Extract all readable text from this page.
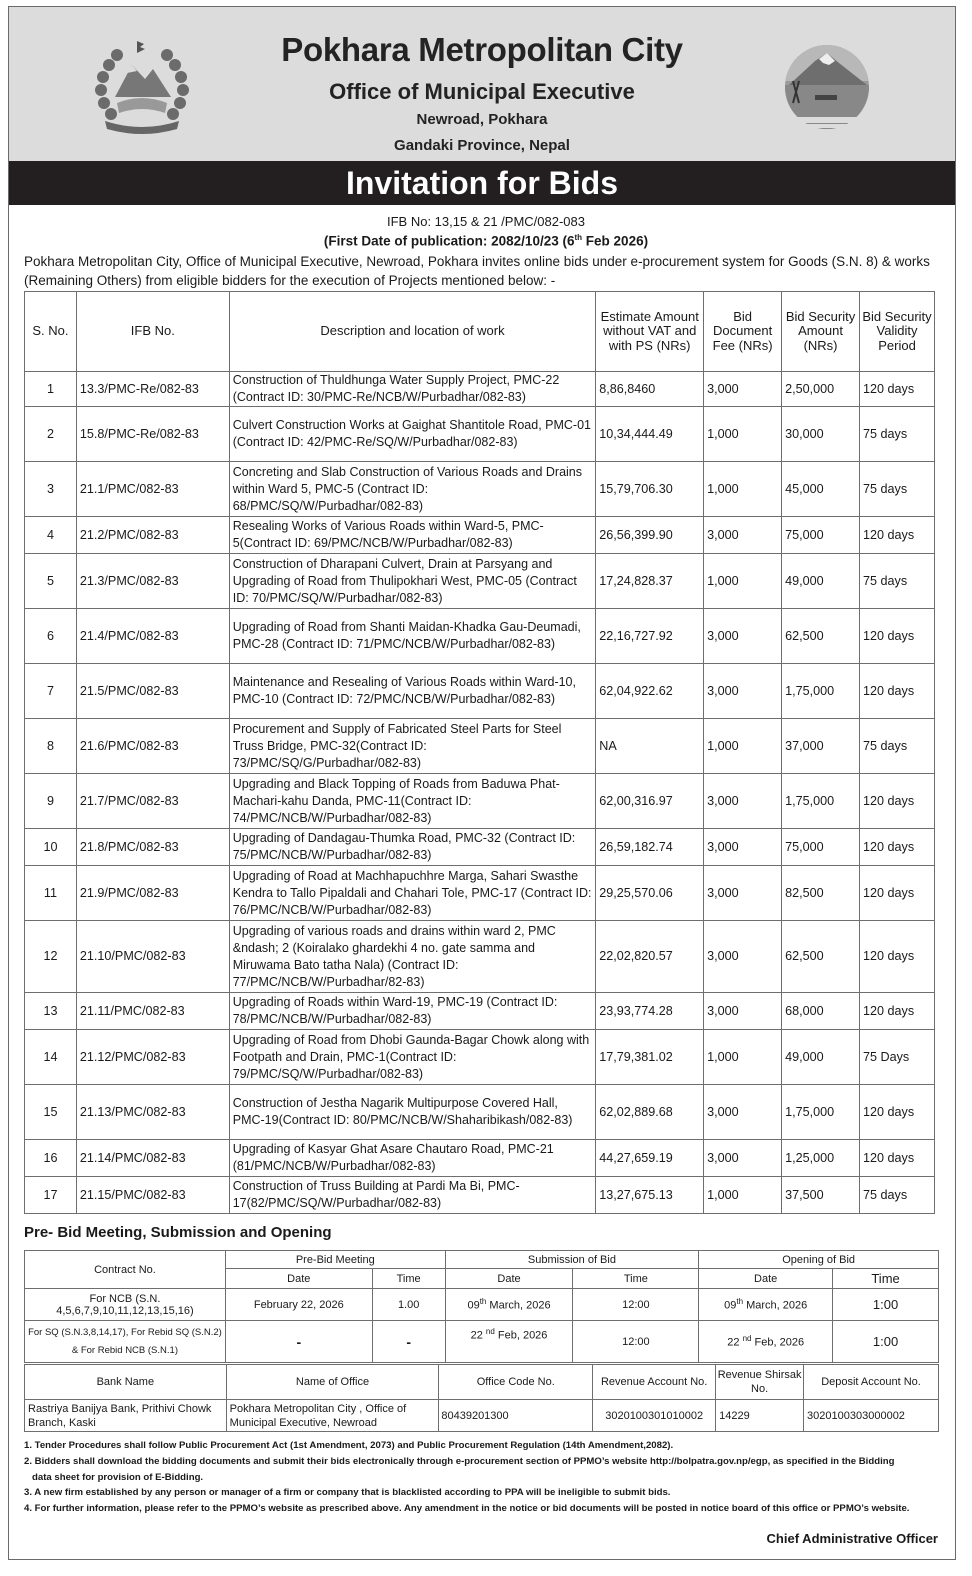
Pokhara Metropolitan City
Office of Municipal Executive
Newroad, Pokhara
Gandaki Province, Nepal
Invitation for Bids
IFB No: 13,15 & 21 /PMC/082-083
(First Date of publication: 2082/10/23 (6th Feb 2026)
Pokhara Metropolitan City, Office of Municipal Executive, Newroad, Pokhara invites online bids under e-procurement system for Goods (S.N. 8) & works (Remaining Others) from eligible bidders for the execution of Projects mentioned below: -
S. No.	IFB No.	Description and location of work	Estimate Amount without VAT and with PS (NRs)	Bid Document Fee (NRs)	Bid Security Amount (NRs)	Bid Security Validity Period
1	13.3/PMC-Re/082-83	Construction of Thuldhunga Water Supply Project, PMC-22 (Contract ID: 30/PMC-Re/NCB/W/Purbadhar/082-83)	8,86,8460	3,000	2,50,000	120 days
2	15.8/PMC-Re/082-83	Culvert Construction Works at Gaighat Shantitole Road, PMC-01 (Contract ID: 42/PMC-Re/SQ/W/Purbadhar/082-83)	10,34,444.49	1,000	30,000	75 days
3	21.1/PMC/082-83	Concreting and Slab Construction of Various Roads and Drains within Ward 5, PMC-5 (Contract ID: 68/PMC/SQ/W/Purbadhar/082-83)	15,79,706.30	1,000	45,000	75 days
4	21.2/PMC/082-83	Resealing Works of Various Roads within Ward-5, PMC-5(Contract ID: 69/PMC/NCB/W/Purbadhar/082-83)	26,56,399.90	3,000	75,000	120 days
5	21.3/PMC/082-83	Construction of Dharapani Culvert, Drain at Parsyang and Upgrading of Road from Thulipokhari West, PMC-05 (Contract ID: 70/PMC/SQ/W/Purbadhar/082-83)	17,24,828.37	1,000	49,000	75 days
6	21.4/PMC/082-83	Upgrading of Road from Shanti Maidan-Khadka Gau-Deumadi, PMC-28 (Contract ID: 71/PMC/NCB/W/Purbadhar/082-83)	22,16,727.92	3,000	62,500	120 days
7	21.5/PMC/082-83	Maintenance and Resealing of Various Roads within Ward-10, PMC-10 (Contract ID: 72/PMC/NCB/W/Purbadhar/082-83)	62,04,922.62	3,000	1,75,000	120 days
8	21.6/PMC/082-83	Procurement and Supply of Fabricated Steel Parts for Steel Truss Bridge, PMC-32(Contract ID: 73/PMC/SQ/G/Purbadhar/082-83)	NA	1,000	37,000	75 days
9	21.7/PMC/082-83	Upgrading and Black Topping of Roads from Baduwa Phat-Machari-kahu Danda, PMC-11(Contract ID: 74/PMC/NCB/W/Purbadhar/082-83)	62,00,316.97	3,000	1,75,000	120 days
10	21.8/PMC/082-83	Upgrading of Dandagau-Thumka Road, PMC-32 (Contract ID: 75/PMC/NCB/W/Purbadhar/082-83)	26,59,182.74	3,000	75,000	120 days
11	21.9/PMC/082-83	Upgrading of Road at Machhapuchhre Marga, Sahari Swasthe Kendra to Tallo Pipaldali and Chahari Tole, PMC-17 (Contract ID: 76/PMC/NCB/W/Purbadhar/082-83)	29,25,570.06	3,000	82,500	120 days
12	21.10/PMC/082-83	Upgrading of various roads and drains within ward 2, PMC &ndash; 2 (Koiralako ghardekhi 4 no. gate samma and Miruwama Bato tatha Nala) (Contract ID: 77/PMC/NCB/W/Purbadhar/82-83)	22,02,820.57	3,000	62,500	120 days
13	21.11/PMC/082-83	Upgrading of Roads within Ward-19, PMC-19 (Contract ID: 78/PMC/NCB/W/Purbadhar/082-83)	23,93,774.28	3,000	68,000	120 days
14	21.12/PMC/082-83	Upgrading of Road from Dhobi Gaunda-Bagar Chowk along with Footpath and Drain, PMC-1(Contract ID: 79/PMC/SQ/W/Purbadhar/082-83)	17,79,381.02	1,000	49,000	75 Days
15	21.13/PMC/082-83	Construction of Jestha Nagarik Multipurpose Covered Hall, PMC-19(Contract ID: 80/PMC/NCB/W/Shaharibikash/082-83)	62,02,889.68	3,000	1,75,000	120 days
16	21.14/PMC/082-83	Upgrading of Kasyar Ghat Asare Chautaro Road, PMC-21 (81/PMC/NCB/W/Purbadhar/082-83)	44,27,659.19	3,000	1,25,000	120 days
17	21.15/PMC/082-83	Construction of Truss Building at Pardi Ma Bi, PMC-17(82/PMC/SQ/W/Purbadhar/082-83)	13,27,675.13	1,000	37,500	75 days
Pre- Bid Meeting, Submission and Opening
Contract No.	Pre-Bid Meeting		Submission of Bid		Opening of Bid	
	Date	Time	Date	Time	Date	Time
For NCB (S.N. 4,5,6,7,9,10,11,12,13,15,16)	February 22, 2026	1.00	09th March, 2026	12:00	09th March, 2026	1:00
For SQ (S.N.3,8,14,17), For Rebid SQ (S.N.2) & For Rebid NCB (S.N.1)	-	-	22 $^{nd}$ Feb, 2026	12:00	22 $^{nd}$ Feb, 2026	1:00
Bank Name	Name of Office	Office Code No.	Revenue Account No.	Revenue Shirsak No.	Deposit Account No.
Rastriya Banijya Bank, Prithivi Chowk Branch, Kaski	Pokhara Metropolitan City , Office of Municipal Executive, Newroad	80439201300	3020100301010002	14229	3020100303000002
1. Tender Procedures shall follow Public Procurement Act (1st Amendment, 2073) and Public Procurement Regulation (14th Amendment,2082).
2. Bidders shall download the bidding documents and submit their bids electronically through e-procurement section of PPMO’s website http://bolpatra.gov.np/egp, as specified in the Bidding
data sheet for provision of E-Bidding.
3. A new firm established by any person or manager of a firm or company that is blacklisted according to PPA will be ineligible to submit bids.
4. For further information, please refer to the PPMO’s website as prescribed above. Any amendment in the notice or bid documents will be posted in notice board of this office or PPMO’s website.
Chief Administrative Officer
